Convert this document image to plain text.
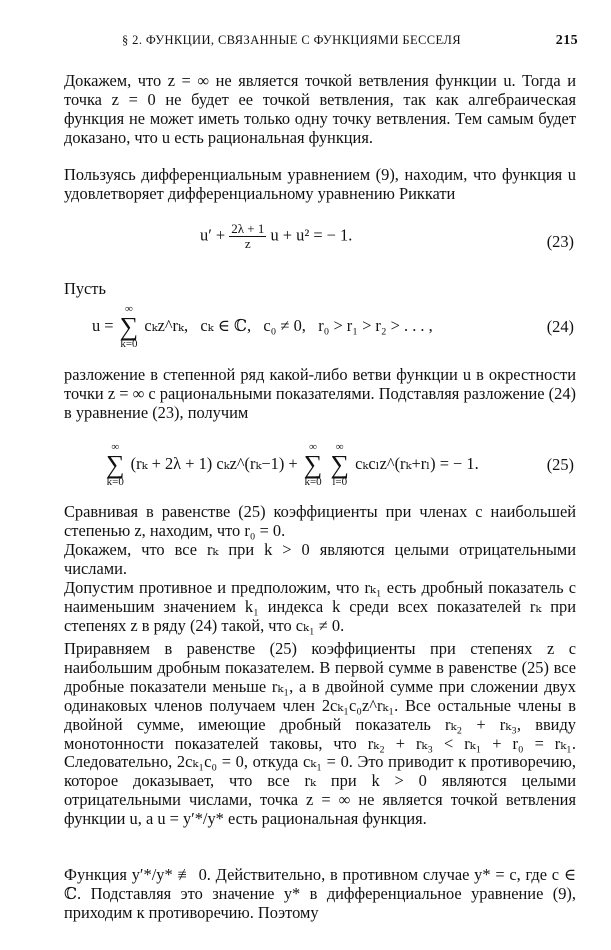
§ 2. ФУНКЦИИ, СВЯЗАННЫЕ С ФУНКЦИЯМИ БЕССЕЛЯ	215
Докажем, что z = ∞ не является точкой ветвления функции u. Тогда и точка z = 0 не будет ее точкой ветвления, так как алгебраическая функция не может иметь только одну точку ветвления. Тем самым будет доказано, что u есть рациональная функция.
Пользуясь дифференциальным уравнением (9), находим, что функция u удовлетворяет дифференциальному уравнению Риккати
$u' + \frac{2\lambda + 1}{z}$ u + u² = − 1.	(23)
Пусть
u = ∞
∑
k=0 cₖz^rₖ, cₖ ∈ ℂ, c₀ ≠ 0, r₀ > r₁ > r₂ > . . . ,	(24)
разложение в степенной ряд какой-либо ветви функции u в окрестности точки z = ∞ с рациональными показателями. Подставляя разложение (24) в уравнение (23), получим
∞
∑
k=0 (rₖ + 2λ + 1) cₖz^(rₖ−1) + ∞
∑
k=0 ∞
∑
l=0 cₖcₗz^(rₖ+rₗ) = − 1.	(25)
Сравнивая в равенстве (25) коэффициенты при членах с наибольшей степенью z, находим, что r₀ = 0.
Докажем, что все rₖ при k > 0 являются целыми отрицательными числами.
Допустим противное и предположим, что rₖ₁ есть дробный показатель с наименьшим значением k₁ индекса k среди всех показателей rₖ при степенях z в ряду (24) такой, что cₖ₁ ≠ 0.
Приравняем в равенстве (25) коэффициенты при степенях z с наибольшим дробным показателем. В первой сумме в равенстве (25) все дробные показатели меньше rₖ₁, а в двойной сумме при сложении двух одинаковых членов получаем член 2cₖ₁c₀z^rₖ₁. Все остальные члены в двойной сумме, имеющие дробный показатель rₖ₂ + rₖ₃, ввиду монотонности показателей таковы, что rₖ₂ + rₖ₃ < rₖ₁ + r₀ = rₖ₁. Следовательно, 2cₖ₁c₀ = 0, откуда cₖ₁ = 0. Это приводит к противоречию, которое доказывает, что все rₖ при k > 0 являются целыми отрицательными числами, точка z = ∞ не является точкой ветвления функции u, а u = y′*/y* есть рациональная функция.
Функция y′*/y* ≢ 0. Действительно, в противном случае y* = c, где c ∈ ℂ. Подставляя это значение y* в дифференциальное уравнение (9), приходим к противоречию. Поэтому
